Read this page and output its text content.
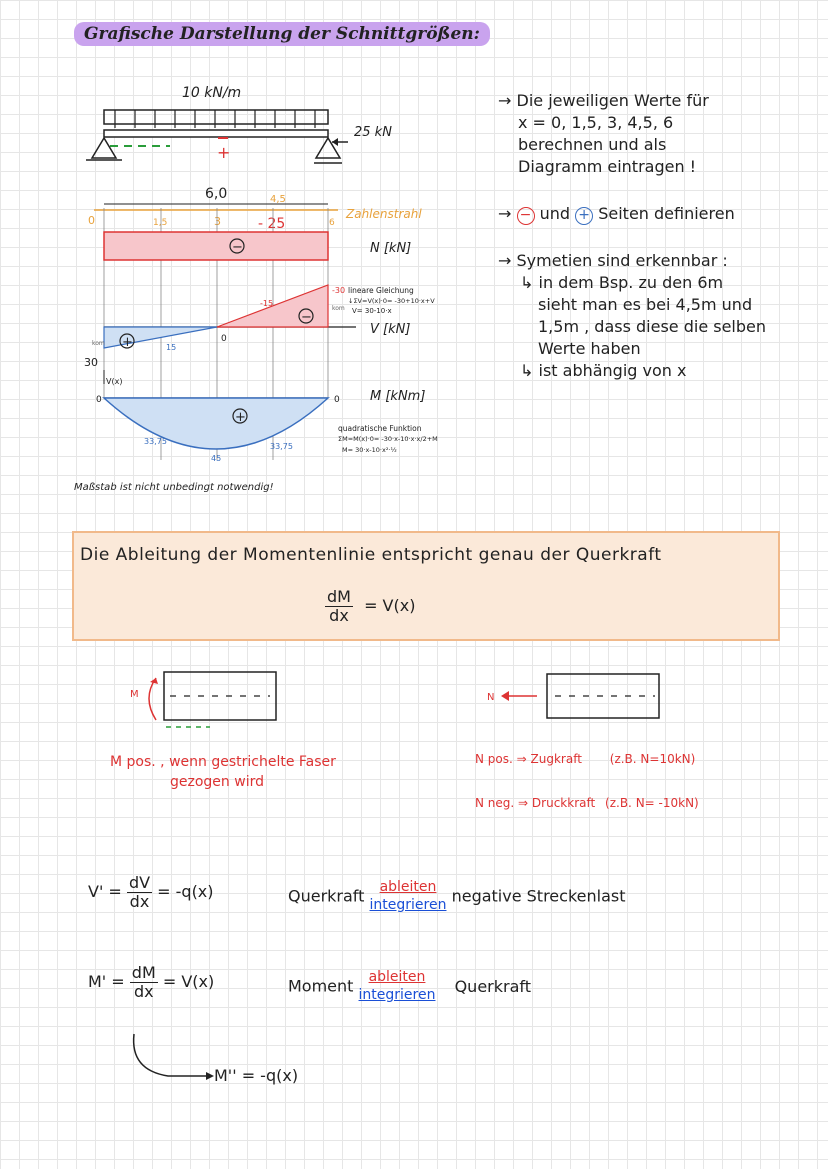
Grafische Darstellung der Schnittgrößen:
10 kN/m
+
25 kN
6,0	4,5
0	1,5	3	6
- 25
Zahlenstrahl
−	N [kN]
+
−
kom
30
15
-15
0
-30
kom
V [kN]
V(x)
+
0	0
33,75
45
33,75
M [kNm]
lineare Gleichung
↓ΣV=V(x)·0= -30+10·x+V
V= 30-10·x
quadratische Funktion
ΣM=M(x)·0= -30·x-10·x·x/2+M
M= 30·x-10·x²·½
Maßstab ist nicht unbedingt notwendig!
→ Die jeweiligen Werte für
x = 0, 1,5, 3, 4,5, 6
berechnen und als
Diagramm eintragen !
→ − und + Seiten definieren
→ Symetien sind erkennbar :
↳ in dem Bsp. zu den 6m
sieht man es bei 4,5m und
1,5m , dass diese die selben
Werte haben
↳ ist abhängig von x
Die Ableitung der Momentenlinie entspricht genau der Querkraft
$\frac{dM}{dx} = V(x)$
M
M pos. , wenn gestrichelte Faser
gezogen wird
N
N pos. ⇒ Zugkraft (z.B. N=10kN)
N neg. ⇒ Druckkraft (z.B. N= -10kN)
$V' = \frac{dV}{dx} = -q(x)$
$M' = \frac{dM}{dx} = V(x)$
M'' = -q(x)
Querkraft	ableiten
integrieren negative Streckenlast
Moment	ableiten
integrieren Querkraft
